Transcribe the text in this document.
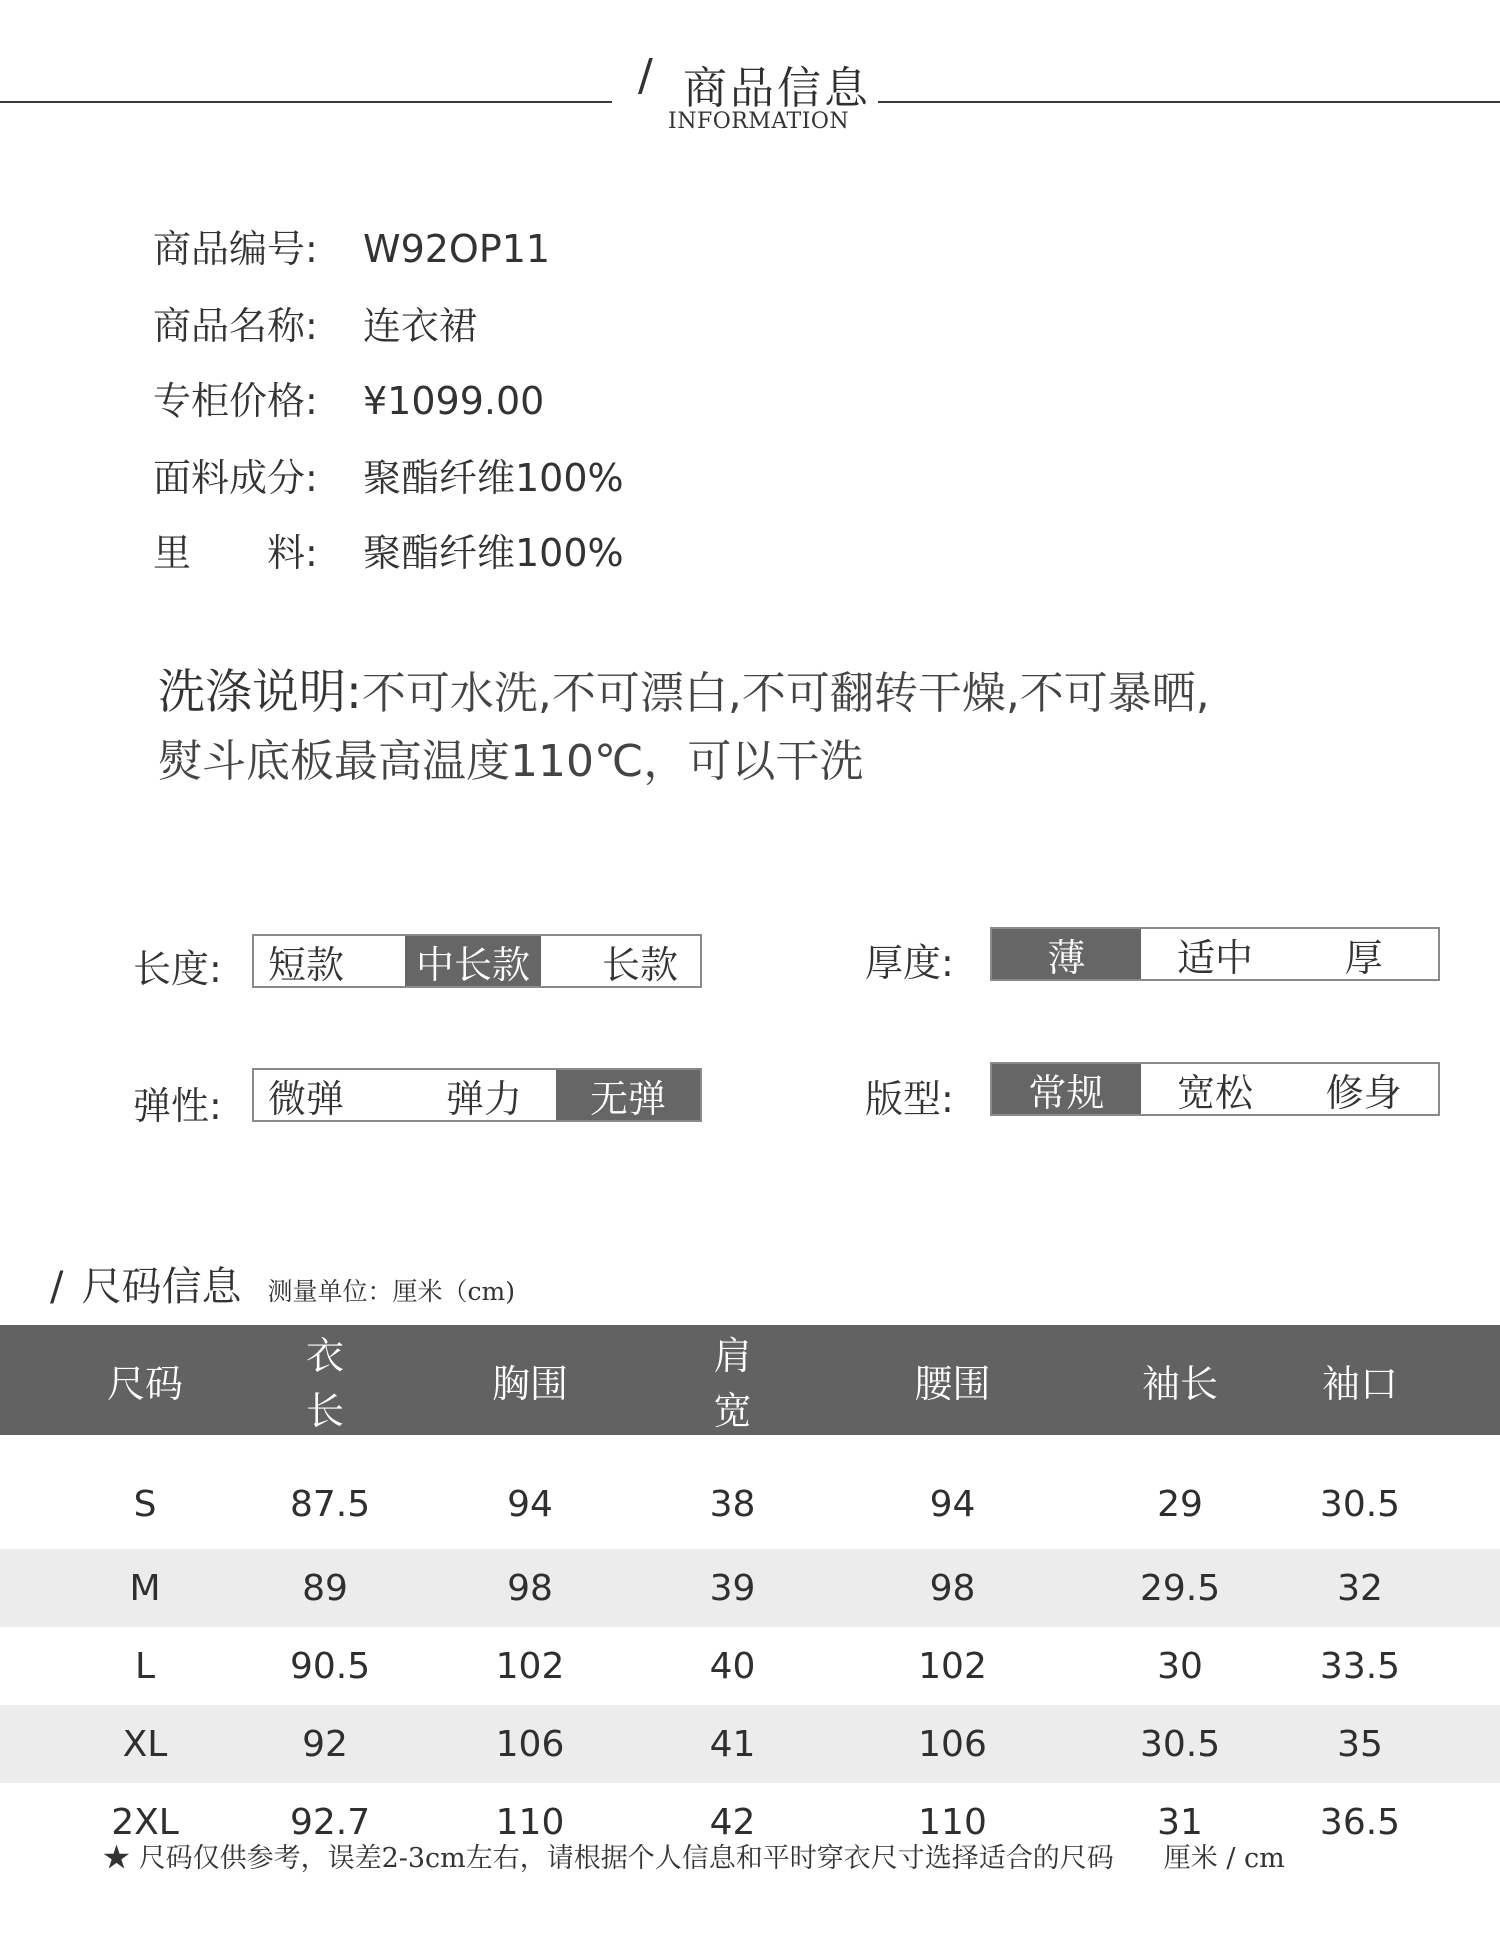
/ 商品信息
INFORMATION
商品编号: W92OP11
商品名称: 连衣裙
专柜价格: ¥1099.00
面料成分: 聚酯纤维100%
里　　料: 聚酯纤维100%
洗涤说明:不可水洗,不可漂白,不可翻转干燥,不可暴晒,
熨斗底板最高温度110℃，可以干洗
长度:	短款	中长款	长款	厚度:	薄	适中	厚
弹性:	微弹	弹力	无弹	版型:	常规	宽松	修身
/ 尺码信息 测量单位：厘米（cm)
尺码	衣长	胸围	肩宽	腰围	袖长	袖口
S	87.5	94	38	94	29	30.5
M	89	98	39	98	29.5	32
L	90.5	102	40	102	30	33.5
XL	92	106	41	106	30.5	35
2XL	92.7	110	42	110	31	36.5
★ 尺码仅供参考，误差2-3cm左右，请根据个人信息和平时穿衣尺寸选择适合的尺码 厘米 / cm
